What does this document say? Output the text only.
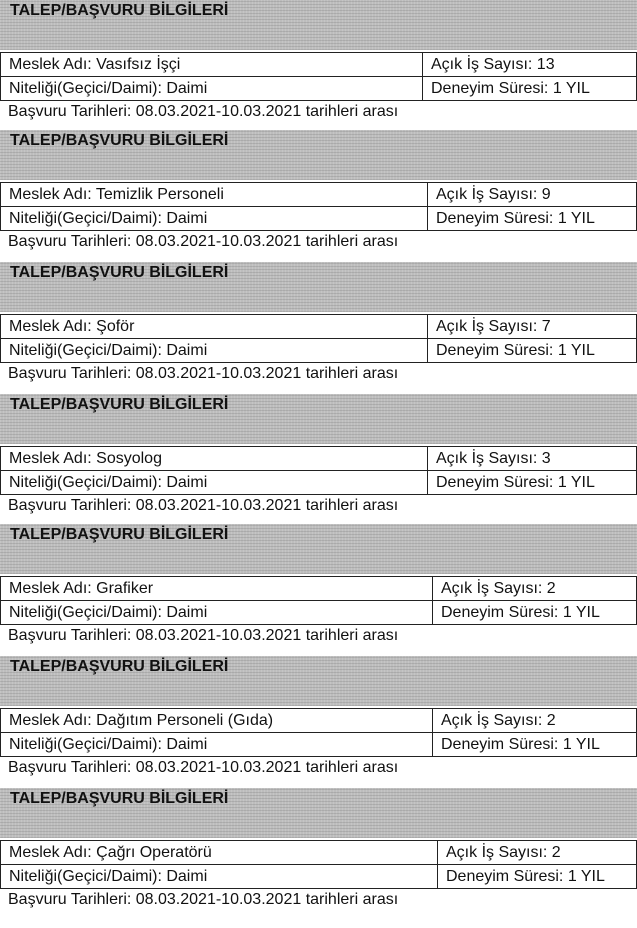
TALEP/BAŞVURU BİLGİLERİ
Meslek Adı: Vasıfsız İşçi	Açık İş Sayısı: 13
Niteliği(Geçici/Daimi): Daimi	Deneyim Süresi: 1 YIL
Başvuru Tarihleri: 08.03.2021-10.03.2021 tarihleri arası
TALEP/BAŞVURU BİLGİLERİ
Meslek Adı: Temizlik Personeli	Açık İş Sayısı: 9
Niteliği(Geçici/Daimi): Daimi	Deneyim Süresi: 1 YIL
Başvuru Tarihleri: 08.03.2021-10.03.2021 tarihleri arası
TALEP/BAŞVURU BİLGİLERİ
Meslek Adı: Şoför	Açık İş Sayısı: 7
Niteliği(Geçici/Daimi): Daimi	Deneyim Süresi: 1 YIL
Başvuru Tarihleri: 08.03.2021-10.03.2021 tarihleri arası
TALEP/BAŞVURU BİLGİLERİ
Meslek Adı: Sosyolog	Açık İş Sayısı: 3
Niteliği(Geçici/Daimi): Daimi	Deneyim Süresi: 1 YIL
Başvuru Tarihleri: 08.03.2021-10.03.2021 tarihleri arası
TALEP/BAŞVURU BİLGİLERİ
Meslek Adı: Grafiker	Açık İş Sayısı: 2
Niteliği(Geçici/Daimi): Daimi	Deneyim Süresi: 1 YIL
Başvuru Tarihleri: 08.03.2021-10.03.2021 tarihleri arası
TALEP/BAŞVURU BİLGİLERİ
Meslek Adı: Dağıtım Personeli (Gıda)	Açık İş Sayısı: 2
Niteliği(Geçici/Daimi): Daimi	Deneyim Süresi: 1 YIL
Başvuru Tarihleri: 08.03.2021-10.03.2021 tarihleri arası
TALEP/BAŞVURU BİLGİLERİ
Meslek Adı: Çağrı Operatörü	Açık İş Sayısı: 2
Niteliği(Geçici/Daimi): Daimi	Deneyim Süresi: 1 YIL
Başvuru Tarihleri: 08.03.2021-10.03.2021 tarihleri arası
